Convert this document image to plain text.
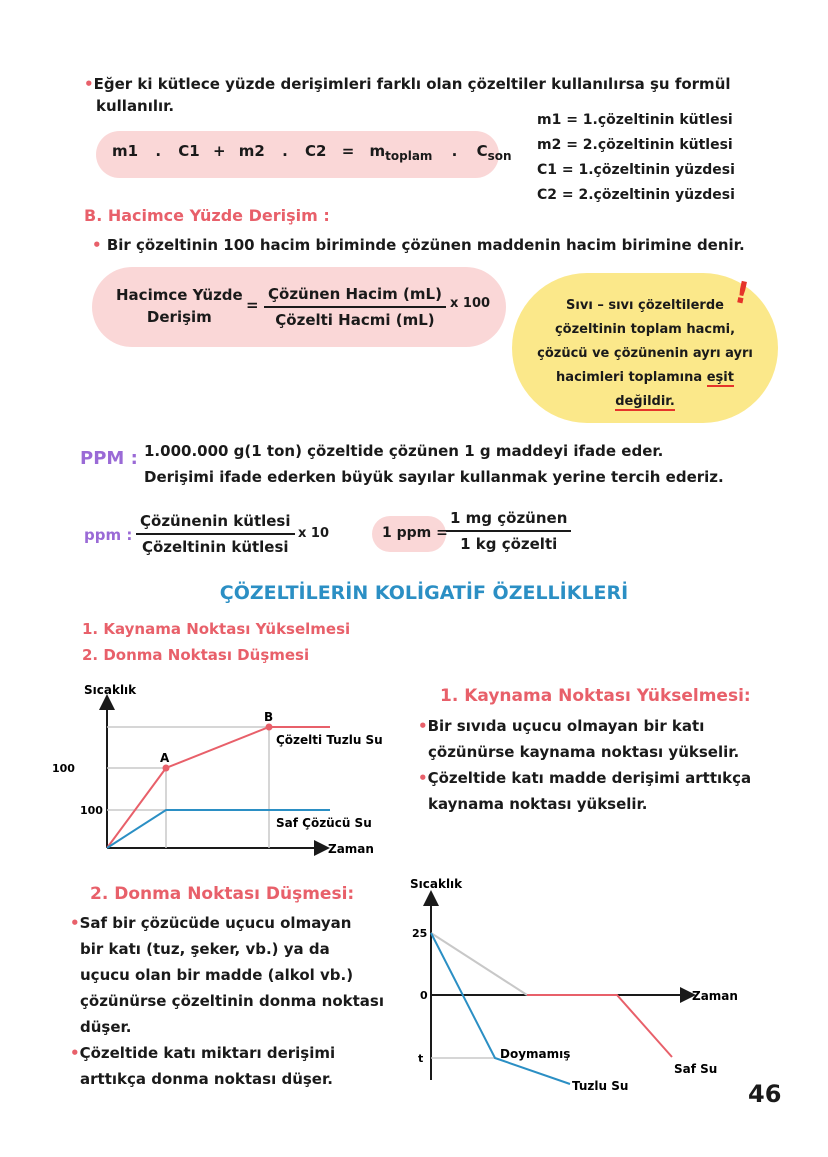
•Eğer ki kütlece yüzde derişimleri farklı olan çözeltiler kullanılırsa şu formül
kullanılır.
m1 . C1 + m2 . $C2 = m_{toplam}$ . $C_{son}$
m1 = 1.çözeltinin kütlesi
m2 = 2.çözeltinin kütlesi
C1 = 1.çözeltinin yüzdesi
C2 = 2.çözeltinin yüzdesi
B. Hacimce Yüzde Derişim :
• Bir çözeltinin 100 hacim biriminde çözünen maddenin hacim birimine denir.
Hacimce Yüzde
Derişim
= $\frac{\text{Çözünen Hacim (mL)}}{\text{Çözelti Hacmi (mL)}}$ x 100	!
Sıvı – sıvı çözeltilerde
çözeltinin toplam hacmi,
çözücü ve çözünenin ayrı ayrı
hacimleri toplamına eşit
değildir.
PPM : 1.000.000 g(1 ton) çözeltide çözünen 1 g maddeyi ifade eder.
Derişimi ifade ederken büyük sayılar kullanmak yerine tercih ederiz.
ppm : $\frac{\text{Çözünenin kütlesi}}{\text{Çözeltinin kütlesi}}$ x 10	1 ppm =
$\frac{\text{1 mg çözünen}}{\text{1 kg çözelti}}$
ÇÖZELTİLERİN KOLİGATİF ÖZELLİKLERİ
1. Kaynama Noktası Yükselmesi
2. Donma Noktası Düşmesi
Sıcaklık
Zaman
100
100
A
B
Çözelti Tuzlu Su
Saf Çözücü Su
1. Kaynama Noktası Yükselmesi:
•Bir sıvıda uçucu olmayan bir katı
çözünürse kaynama noktası yükselir.
•Çözeltide katı madde derişimi arttıkça
kaynama noktası yükselir.
2. Donma Noktası Düşmesi:
•Saf bir çözücüde uçucu olmayan
bir katı (tuz, şeker, vb.) ya da
uçucu olan bir madde (alkol vb.)
çözünürse çözeltinin donma noktası
düşer.
•Çözeltide katı miktarı derişimi
arttıkça donma noktası düşer.
Sıcaklık
Zaman
25
0
t	Doymamış
Tuzlu Su
Saf Su
46
